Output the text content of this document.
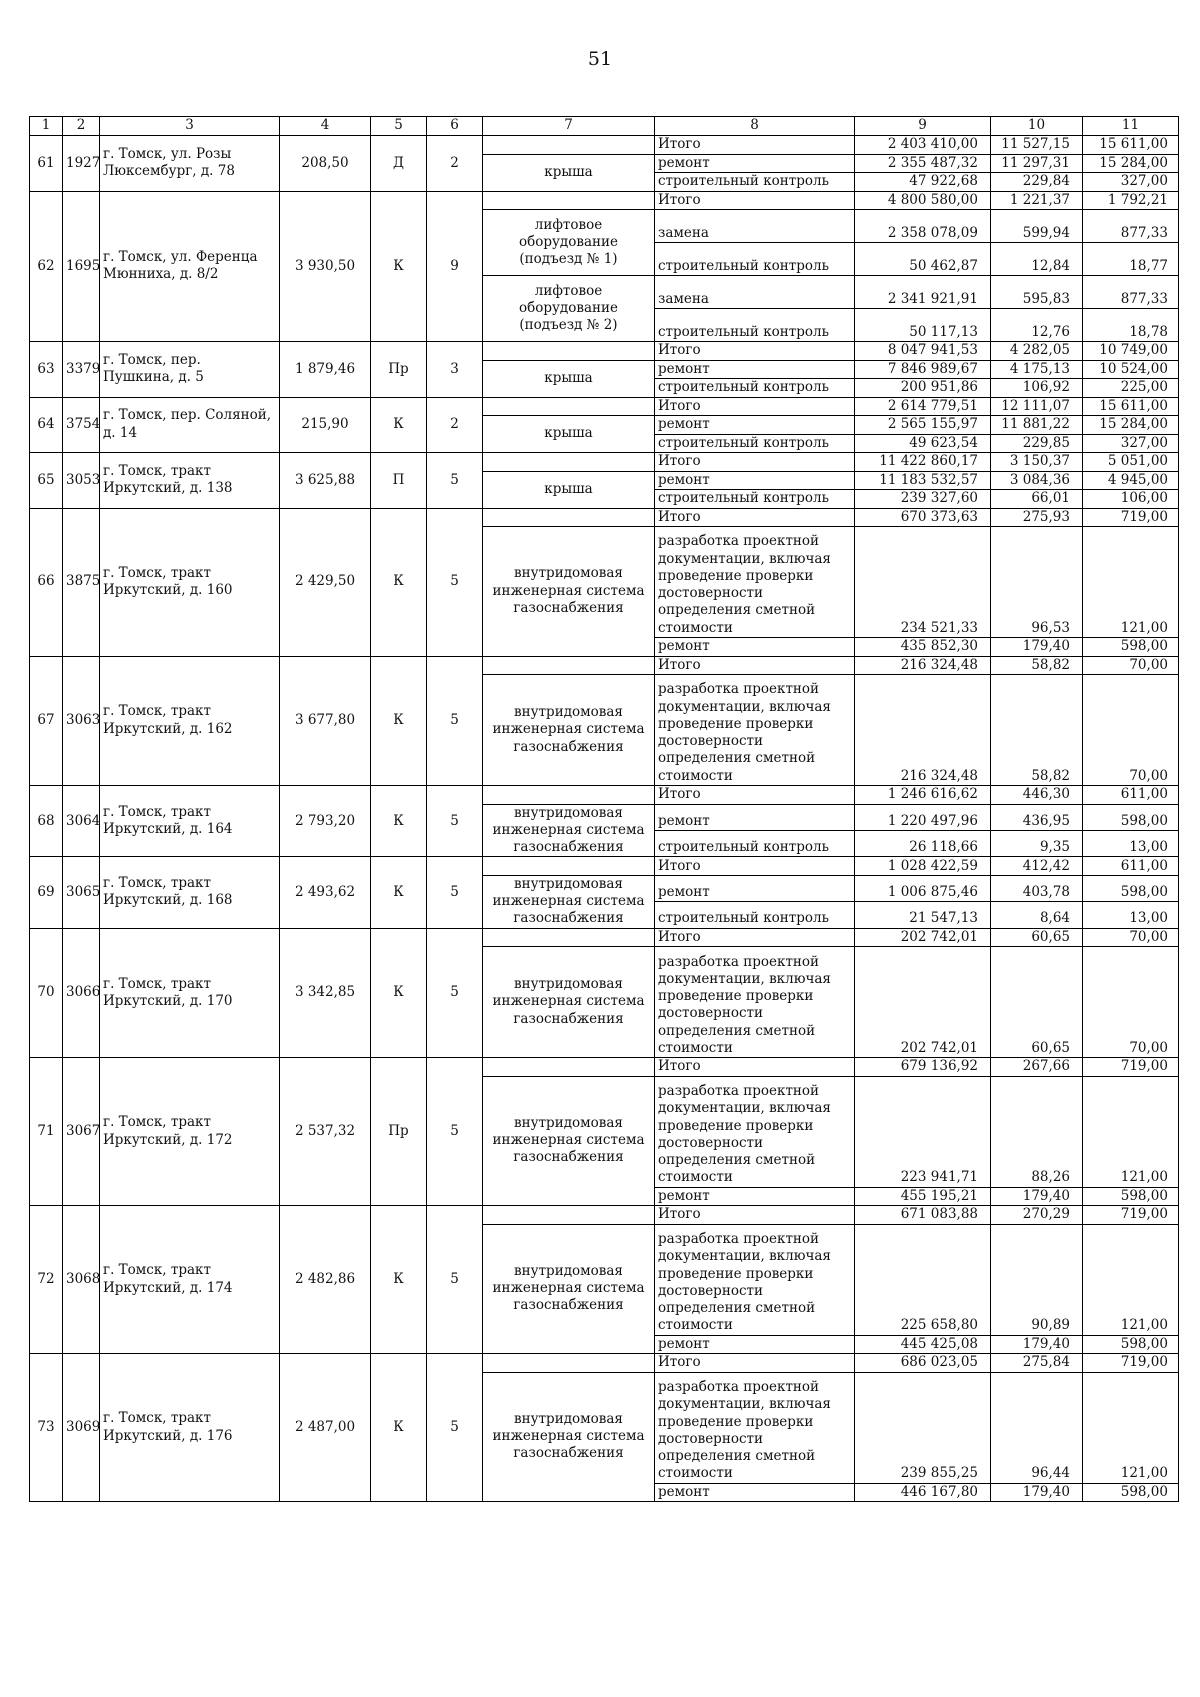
51
1	2	3	4	5	6	7	8	9	10	11
61	1927	г. Томск, ул. Розы Люксембург, д. 78	208,50	Д	2		Итого	2 403 410,00	11 527,15	15 611,00
						крыша	ремонт	2 355 487,32	11 297,31	15 284,00
							строительный контроль	47 922,68	229,84	327,00
62	1695	г. Томск, ул. Ференца Мюнниха, д. 8/2	3 930,50	К	9		Итого	4 800 580,00	1 221,37	1 792,21
						лифтовое оборудование (подъезд № 1)	замена	2 358 078,09	599,94	877,33
							строительный контроль	50 462,87	12,84	18,77
						лифтовое оборудование (подъезд № 2)	замена	2 341 921,91	595,83	877,33
							строительный контроль	50 117,13	12,76	18,78
63	3379	г. Томск, пер. Пушкина, д. 5	1 879,46	Пр	3		Итого	8 047 941,53	4 282,05	10 749,00
						крыша	ремонт	7 846 989,67	4 175,13	10 524,00
							строительный контроль	200 951,86	106,92	225,00
64	3754	г. Томск, пер. Соляной, д. 14	215,90	К	2		Итого	2 614 779,51	12 111,07	15 611,00
						крыша	ремонт	2 565 155,97	11 881,22	15 284,00
							строительный контроль	49 623,54	229,85	327,00
65	3053	г. Томск, тракт Иркутский, д. 138	3 625,88	П	5		Итого	11 422 860,17	3 150,37	5 051,00
						крыша	ремонт	11 183 532,57	3 084,36	4 945,00
							строительный контроль	239 327,60	66,01	106,00
66	3875	г. Томск, тракт Иркутский, д. 160	2 429,50	К	5		Итого	670 373,63	275,93	719,00
						внутридомовая инженерная система газоснабжения	разработка проектной документации, включая проведение проверки достоверности определения сметной стоимости	234 521,33	96,53	121,00
							ремонт	435 852,30	179,40	598,00
67	3063	г. Томск, тракт Иркутский, д. 162	3 677,80	К	5		Итого	216 324,48	58,82	70,00
						внутридомовая инженерная система газоснабжения	разработка проектной документации, включая проведение проверки достоверности определения сметной стоимости	216 324,48	58,82	70,00
68	3064	г. Томск, тракт Иркутский, д. 164	2 793,20	К	5		Итого	1 246 616,62	446,30	611,00
						внутридомовая инженерная система газоснабжения	ремонт	1 220 497,96	436,95	598,00
							строительный контроль	26 118,66	9,35	13,00
69	3065	г. Томск, тракт Иркутский, д. 168	2 493,62	К	5		Итого	1 028 422,59	412,42	611,00
						внутридомовая инженерная система газоснабжения	ремонт	1 006 875,46	403,78	598,00
							строительный контроль	21 547,13	8,64	13,00
70	3066	г. Томск, тракт Иркутский, д. 170	3 342,85	К	5		Итого	202 742,01	60,65	70,00
						внутридомовая инженерная система газоснабжения	разработка проектной документации, включая проведение проверки достоверности определения сметной стоимости	202 742,01	60,65	70,00
71	3067	г. Томск, тракт Иркутский, д. 172	2 537,32	Пр	5		Итого	679 136,92	267,66	719,00
						внутридомовая инженерная система газоснабжения	разработка проектной документации, включая проведение проверки достоверности определения сметной стоимости	223 941,71	88,26	121,00
							ремонт	455 195,21	179,40	598,00
72	3068	г. Томск, тракт Иркутский, д. 174	2 482,86	К	5		Итого	671 083,88	270,29	719,00
						внутридомовая инженерная система газоснабжения	разработка проектной документации, включая проведение проверки достоверности определения сметной стоимости	225 658,80	90,89	121,00
							ремонт	445 425,08	179,40	598,00
73	3069	г. Томск, тракт Иркутский, д. 176	2 487,00	К	5		Итого	686 023,05	275,84	719,00
						внутридомовая инженерная система газоснабжения	разработка проектной документации, включая проведение проверки достоверности определения сметной стоимости	239 855,25	96,44	121,00
							ремонт	446 167,80	179,40	598,00
